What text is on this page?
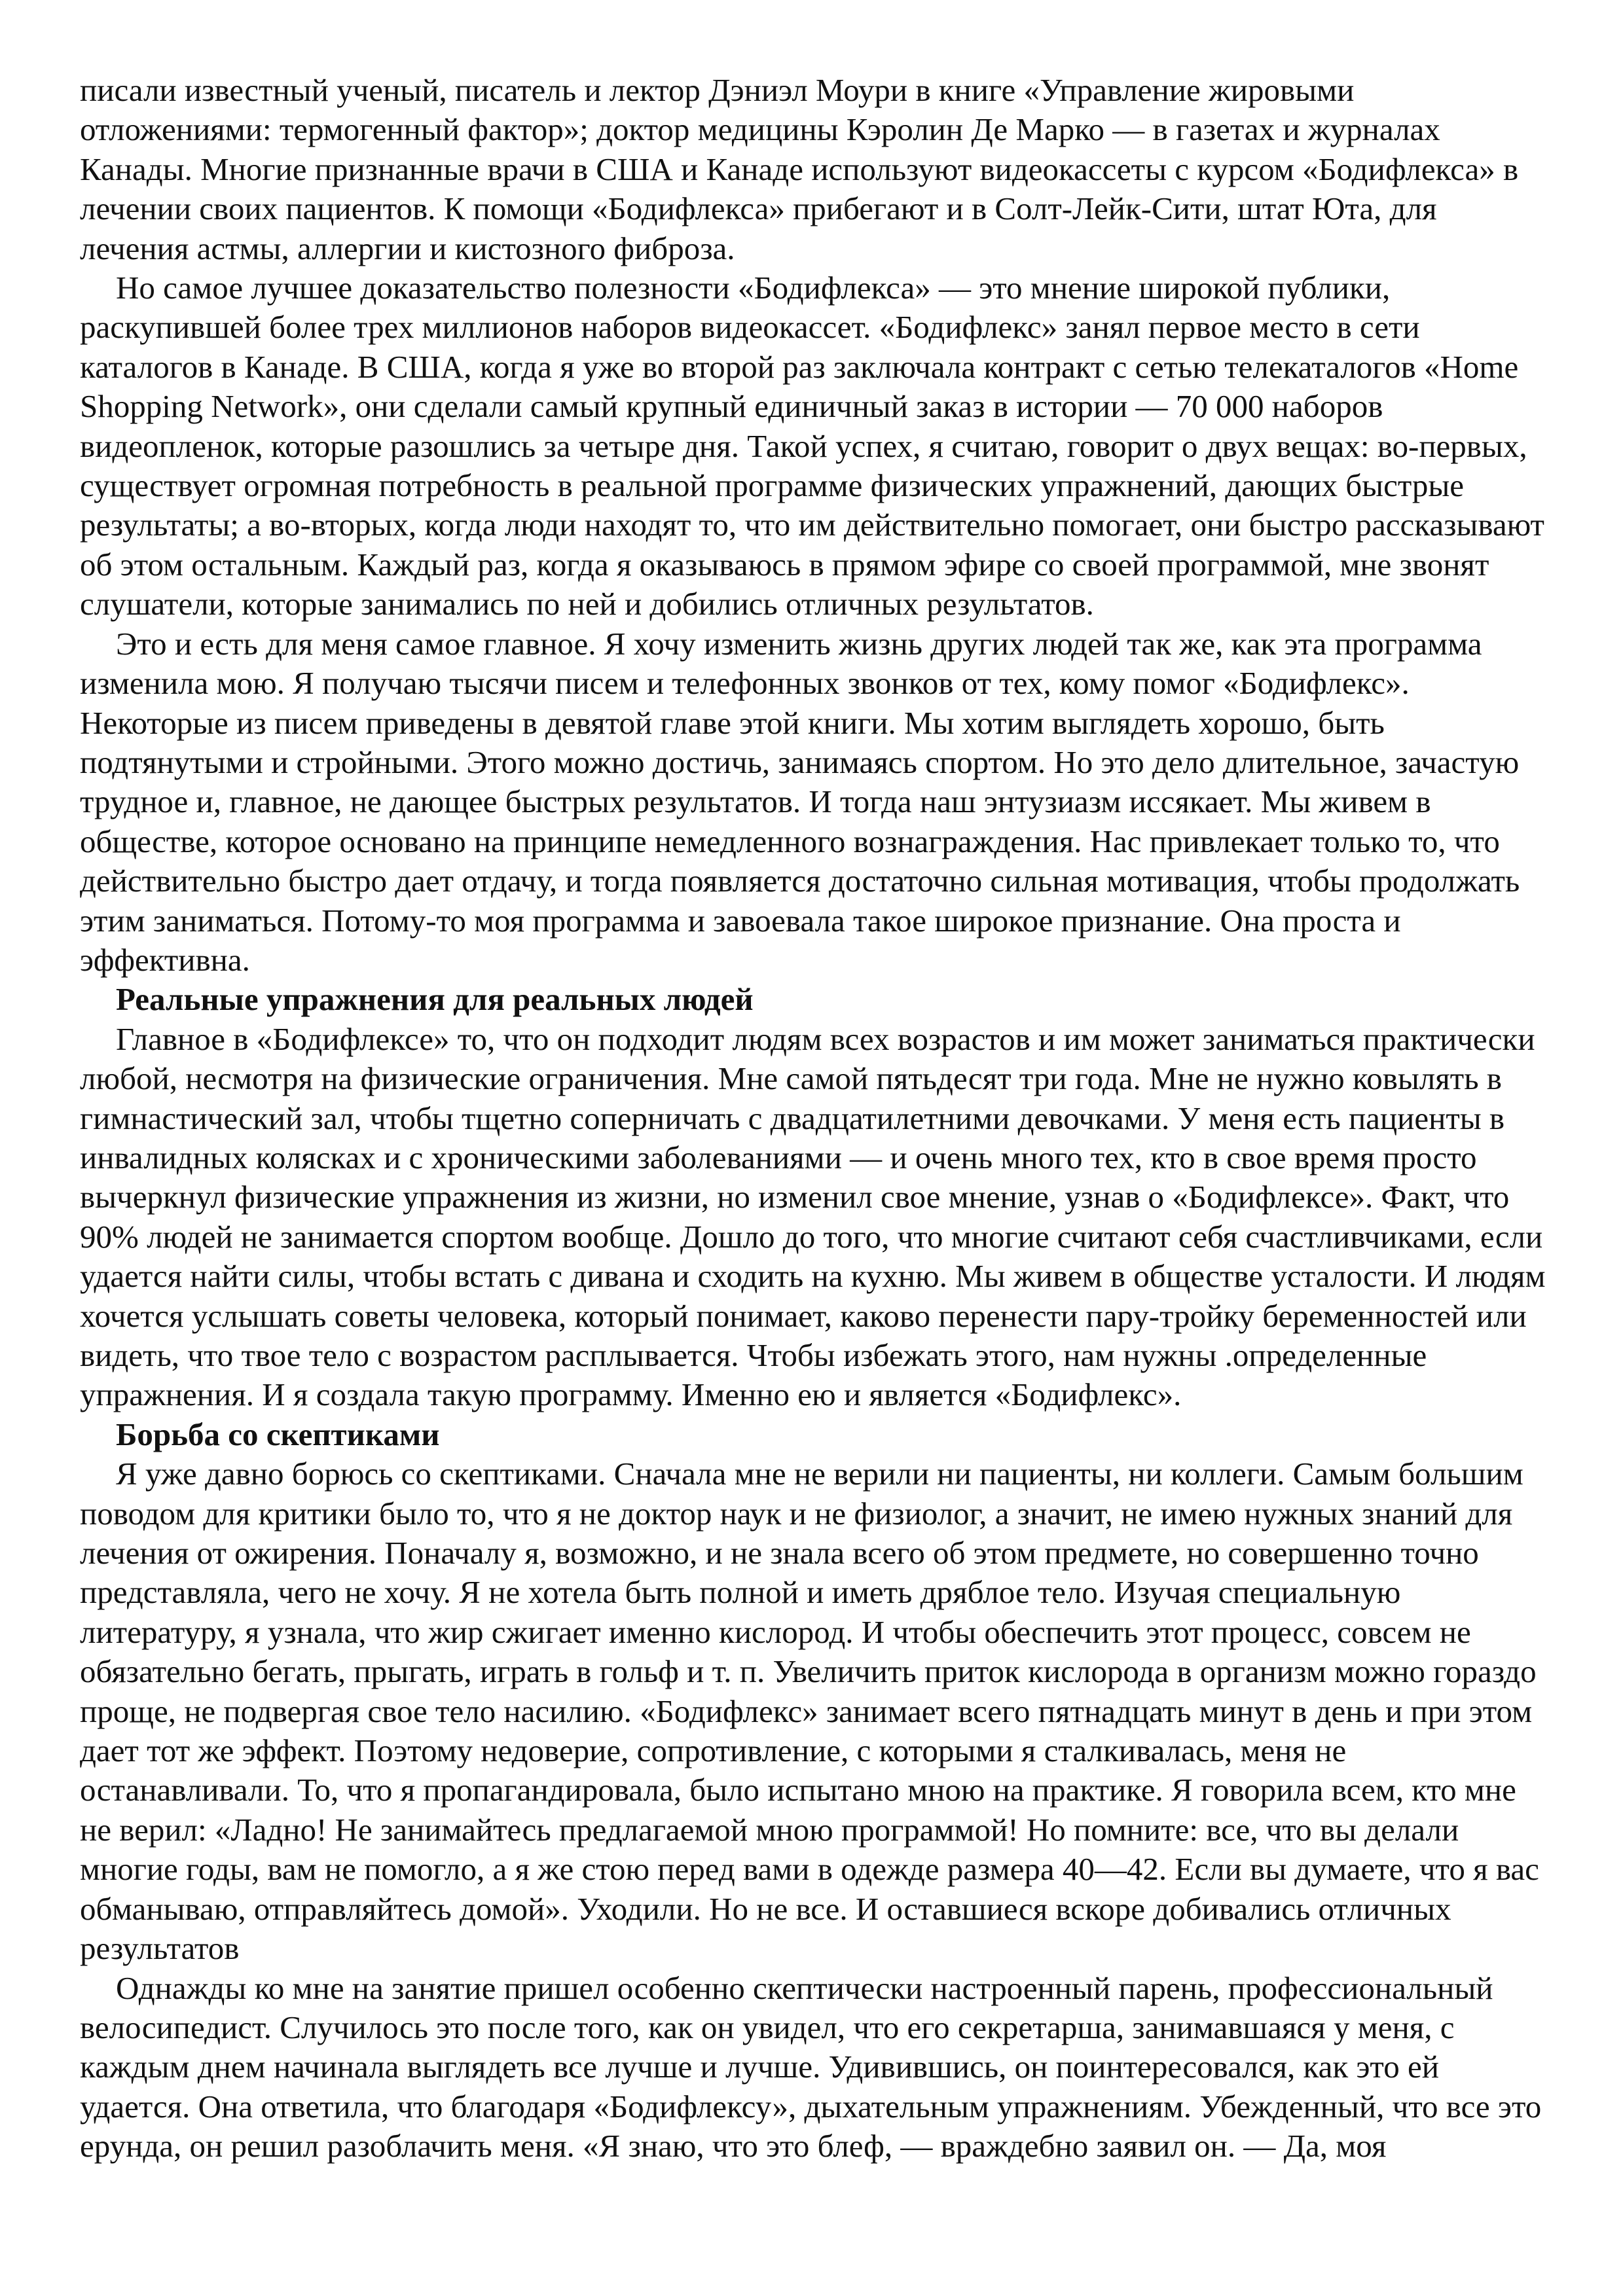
писали известный ученый, писатель и лектор Дэниэл Моури в книге «Управление жировыми отложениями: термогенный фактор»; доктор медицины Кэролин Де Марко — в газетах и журналах Канады. Многие признанные врачи в США и Канаде используют видеокассеты с курсом «Бодифлекса» в лечении своих пациентов. К помощи «Бодифлекса» прибегают и в Солт-Лейк-Сити, штат Юта, для лечения астмы, аллергии и кистозного фиброза.

Но самое лучшее доказательство полезности «Бодифлекса» — это мнение широкой публики, раскупившей более трех миллионов наборов видеокассет. «Бодифлекс» занял первое место в сети каталогов в Канаде. В США, когда я уже во второй раз заключала контракт с сетью телекаталогов «Home Shopping Network», они сделали самый крупный единичный заказ в истории — 70 000 наборов видеопленок, которые разошлись за четыре дня. Такой успех, я считаю, говорит о двух вещах: во-первых, существует огромная потребность в реальной программе физических упражнений, дающих быстрые результаты; а во-вторых, когда люди находят то, что им действительно помогает, они быстро рассказывают об этом остальным. Каждый раз, когда я оказываюсь в прямом эфире со своей программой, мне звонят слушатели, которые занимались по ней и добились отличных результатов.

Это и есть для меня самое главное. Я хочу изменить жизнь других людей так же, как эта программа изменила мою. Я получаю тысячи писем и телефонных звонков от тех, кому помог «Бодифлекс». Некоторые из писем приведены в девятой главе этой книги. Мы хотим выглядеть хорошо, быть подтянутыми и стройными. Этого можно достичь, занимаясь спортом. Но это дело длительное, зачастую трудное и, главное, не дающее быстрых результатов. И тогда наш энтузиазм иссякает. Мы живем в обществе, которое основано на принципе немедленного вознаграждения. Нас привлекает только то, что действительно быстро дает отдачу, и тогда появляется достаточно сильная мотивация, чтобы продолжать этим заниматься. Потому-то моя программа и завоевала такое широкое признание. Она проста и эффективна.

Реальные упражнения для реальных людей

Главное в «Бодифлексе» то, что он подходит людям всех возрастов и им может заниматься практически любой, несмотря на физические ограничения. Мне самой пятьдесят три года. Мне не нужно ковылять в гимнастический зал, чтобы тщетно соперничать с двадцатилетними девочками. У меня есть пациенты в инвалидных колясках и с хроническими заболеваниями — и очень много тех, кто в свое время просто вычеркнул физические упражнения из жизни, но изменил свое мнение, узнав о «Бодифлексе». Факт, что 90% людей не занимается спортом вообще. Дошло до того, что многие считают себя счастливчиками, если удается найти силы, чтобы встать с дивана и сходить на кухню. Мы живем в обществе усталости. И людям хочется услышать советы человека, который понимает, каково перенести пару-тройку беременностей или видеть, что твое тело с возрастом расплывается. Чтобы избежать этого, нам нужны .определенные упражнения. И я создала такую программу. Именно ею и является «Бодифлекс».

Борьба со скептиками

Я уже давно борюсь со скептиками. Сначала мне не верили ни пациенты, ни коллеги. Самым большим поводом для критики было то, что я не доктор наук и не физиолог, а значит, не имею нужных знаний для лечения от ожирения. Поначалу я, возможно, и не знала всего об этом предмете, но совершенно точно представляла, чего не хочу. Я не хотела быть полной и иметь дряблое тело. Изучая специальную литературу, я узнала, что жир сжигает именно кислород. И чтобы обеспечить этот процесс, совсем не обязательно бегать, прыгать, играть в гольф и т. п. Увеличить приток кислорода в организм можно гораздо проще, не подвергая свое тело насилию. «Бодифлекс» занимает всего пятнадцать минут в день и при этом дает тот же эффект. Поэтому недоверие, сопротивление, с которыми я сталкивалась, меня не останавливали. То, что я пропагандировала, было испытано мною на практике. Я говорила всем, кто мне не верил: «Ладно! Не занимайтесь предлагаемой мною программой! Но помните: все, что вы делали многие годы, вам не помогло, а я же стою перед вами в одежде размера 40—42. Если вы думаете, что я вас обманываю, отправляйтесь домой». Уходили. Но не все. И оставшиеся вскоре добивались отличных результатов

Однажды ко мне на занятие пришел особенно скептически настроенный парень, профессиональный велосипедист. Случилось это после того, как он увидел, что его секретарша, занимавшаяся у меня, с каждым днем начинала выглядеть все лучше и лучше. Удивившись, он поинтересовался, как это ей удается. Она ответила, что благодаря «Бодифлексу», дыхательным упражнениям. Убежденный, что все это ерунда, он решил разоблачить меня. «Я знаю, что это блеф, — враждебно заявил он. — Да, моя
